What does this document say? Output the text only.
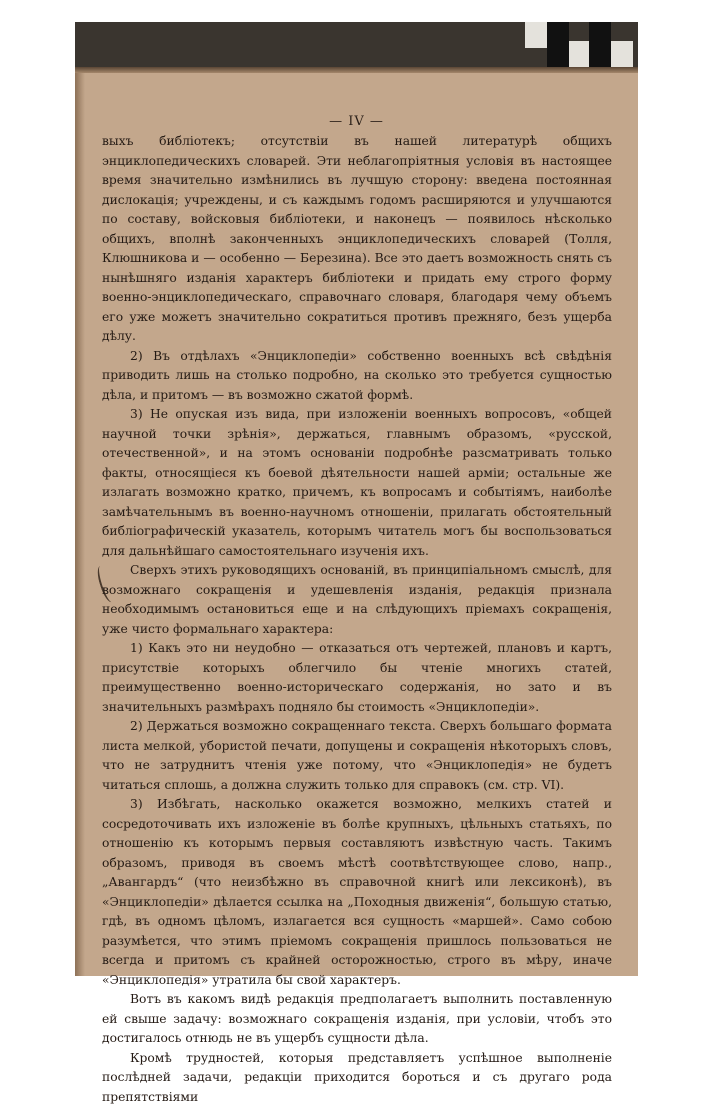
— IV —

выхъ библіотекъ; отсутствіи въ нашей литературѣ общихъ энциклопедическихъ словарей. Эти неблагопріятныя условія въ настоящее время значительно измѣнились въ лучшую сторону: введена постоянная дислокація; учреждены, и съ каждымъ годомъ расширяются и улучшаются по составу, войсковыя библіотеки, и наконецъ — появилось нѣсколько общихъ, вполнѣ законченныхъ энциклопедическихъ словарей (Толля, Клюшникова и — особенно — Березина). Все это даетъ возможность снять съ нынѣшняго изданія характеръ библіотеки и придать ему строго форму военно-энциклопедическаго, справочнаго словаря, благодаря чему объемъ его уже можетъ значительно сократиться противъ прежняго, безъ ущерба дѣлу.

2) Въ отдѣлахъ «Энциклопедіи» собственно военныхъ всѣ свѣдѣнія приводить лишь на столько подробно, на сколько это требуется сущностью дѣла, и притомъ — въ возможно сжатой формѣ.

3) Не опуская изъ вида, при изложеніи военныхъ вопросовъ, «общей научной точки зрѣнія», держаться, главнымъ образомъ, «русской, отечественной», и на этомъ основаніи подробнѣе разсматривать только факты, относящіеся къ боевой дѣятельности нашей арміи; остальные же излагать возможно кратко, причемъ, къ вопросамъ и событіямъ, наиболѣе замѣчательнымъ въ военно-научномъ отношеніи, прилагать обстоятельный библіографическій указатель, которымъ читатель могъ бы воспользоваться для дальнѣйшаго самостоятельнаго изученія ихъ.

Сверхъ этихъ руководящихъ основаній, въ принципіальномъ смыслѣ, для возможнаго сокращенія и удешевленія изданія, редакція признала необходимымъ остановиться еще и на слѣдующихъ пріемахъ сокращенія, уже чисто формальнаго характера:

1) Какъ это ни неудобно — отказаться отъ чертежей, плановъ и картъ, присутствіе которыхъ облегчило бы чтеніе многихъ статей, преимущественно военно-историческаго содержанія, но зато и въ значительныхъ размѣрахъ поднялo бы стоимость «Энциклопедіи».

2) Держаться возможно сокращеннаго текста. Сверхъ большаго формата листа мелкой, убористой печати, допущены и сокращенія нѣкоторыхъ словъ, что не затруднитъ чтенія уже потому, что «Энциклопедія» не будетъ читаться сплошь, а должна служить только для справокъ (см. стр. VI).

3) Избѣгать, насколько окажется возможно, мелкихъ статей и сосредоточивать ихъ изложеніе въ болѣе крупныхъ, цѣльныхъ статьяхъ, по отношенію къ которымъ первыя составляютъ извѣстную часть. Такимъ образомъ, приводя въ своемъ мѣстѣ соотвѣтствующее слово, напр., „Авангардъ“ (что неизбѣжно въ справочной книгѣ или лексиконѣ), въ «Энциклопедіи» дѣлается ссылка на „Походныя движенія“, большую статью, гдѣ, въ одномъ цѣломъ, излагается вся сущность «маршей». Само собою разумѣется, что этимъ пріемомъ сокращенія пришлось пользоваться не всегда и притомъ съ крайней осторожностью, строго въ мѣру, иначе «Энциклопедія» утратила бы свой характеръ.

Вотъ въ какомъ видѣ редакція предполагаетъ выполнить поставленную ей свыше задачу: возможнаго сокращенія изданія, при условіи, чтобъ это достигалось отнюдь не въ ущербъ сущности дѣла.

Кромѣ трудностей, которыя представляетъ успѣшное выполненіе послѣдней задачи, редакціи приходится бороться и съ другаго рода препятствіями
